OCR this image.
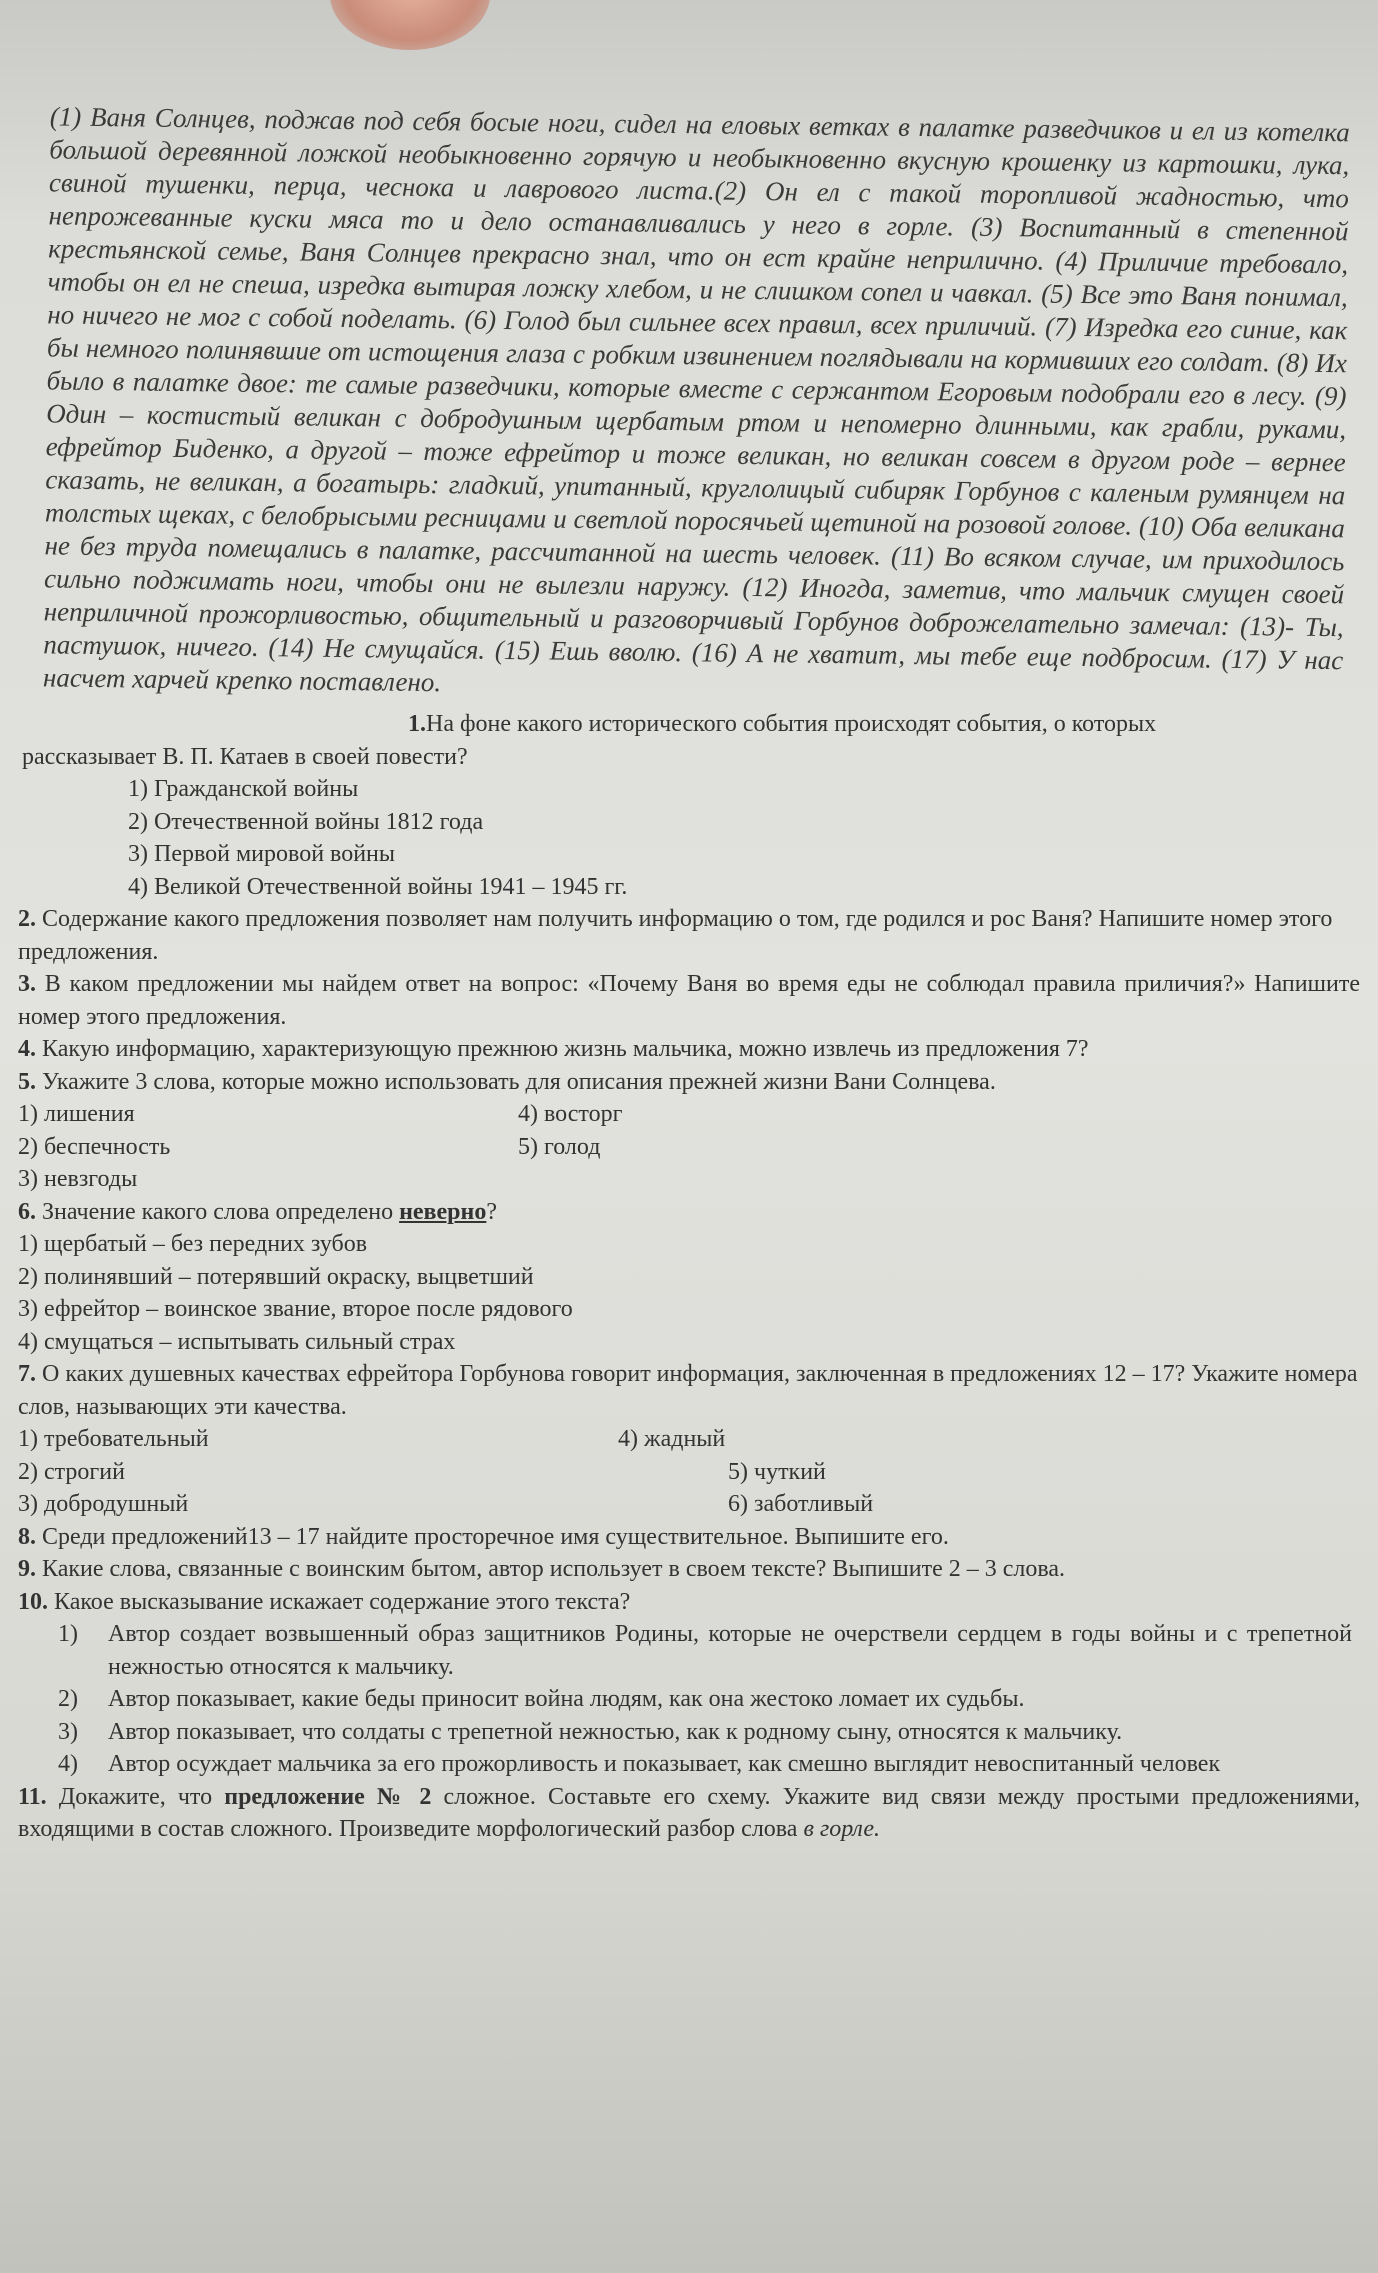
(1) Ваня Солнцев, поджав под себя босые ноги, сидел на еловых ветках в палатке разведчиков и ел из котелка большой деревянной ложкой необыкновенно горячую и необыкновенно вкусную крошенку из картошки, лука, свиной тушенки, перца, чеснока и лаврового листа.(2) Он ел с такой торопливой жадностью, что непрожеванные куски мяса то и дело останавливались у него в горле. (3) Воспитанный в степенной крестьянской семье, Ваня Солнцев прекрасно знал, что он ест крайне неприлично. (4) Приличие требовало, чтобы он ел не спеша, изредка вытирая ложку хлебом, и не слишком сопел и чавкал. (5) Все это Ваня понимал, но ничего не мог с собой поделать. (6) Голод был сильнее всех правил, всех приличий. (7) Изредка его синие, как бы немного полинявшие от истощения глаза с робким извинением поглядывали на кормивших его солдат. (8) Их было в палатке двое: те самые разведчики, которые вместе с сержантом Егоровым подобрали его в лесу. (9) Один – костистый великан с добродушным щербатым ртом и непомерно длинными, как грабли, руками, ефрейтор Биденко, а другой – тоже ефрейтор и тоже великан, но великан совсем в другом роде – вернее сказать, не великан, а богатырь: гладкий, упитанный, круглолицый сибиряк Горбунов с каленым румянцем на толстых щеках, с белобрысыми ресницами и светлой поросячьей щетиной на розовой голове. (10) Оба великана не без труда помещались в палатке, рассчитанной на шесть человек. (11) Во всяком случае, им приходилось сильно поджимать ноги, чтобы они не вылезли наружу. (12) Иногда, заметив, что мальчик смущен своей неприличной прожорливостью, общительный и разговорчивый Горбунов доброжелательно замечал: (13)- Ты, пастушок, ничего. (14) Не смущайся. (15) Ешь вволю. (16) А не хватит, мы тебе еще подбросим. (17) У нас насчет харчей крепко поставлено.

1.На фоне какого исторического события происходят события, о которых

рассказывает В. П. Катаев в своей повести?

1) Гражданской войны

2) Отечественной войны 1812 года

3) Первой мировой войны

4) Великой Отечественной войны 1941 – 1945 гг.

2. Содержание какого предложения позволяет нам получить информацию о том, где родился и рос Ваня? Напишите номер этого предложения.

3. В каком предложении мы найдем ответ на вопрос: «Почему Ваня во время еды не соблюдал правила приличия?» Напишите номер этого предложения.

4. Какую информацию, характеризующую прежнюю жизнь мальчика, можно извлечь из предложения 7?

5. Укажите 3 слова, которые можно использовать для описания прежней жизни Вани Солнцева.

1) лишения	4) восторг
2) беспечность	5) голод
3) невзгоды

6. Значение какого слова определено неверно?

1) щербатый – без передних зубов

2) полинявший – потерявший окраску, выцветший

3) ефрейтор – воинское звание, второе после рядового

4) смущаться – испытывать сильный страх

7. О каких душевных качествах ефрейтора Горбунова говорит информация, заключенная в предложениях 12 – 17? Укажите номера слов, называющих эти качества.

1) требовательный	4) жадный
2) строгий	5) чуткий
3) добродушный	6) заботливый

8. Среди предложений13 – 17 найдите просторечное имя существительное. Выпишите его.

9. Какие слова, связанные с воинским бытом, автор использует в своем тексте? Выпишите 2 – 3 слова.

10. Какое высказывание искажает содержание этого текста?

1)	Автор создает возвышенный образ защитников Родины, которые не очерствели сердцем в годы войны и с трепетной нежностью относятся к мальчику.
2)	Автор показывает, какие беды приносит война людям, как она жестоко ломает их судьбы.
3)	Автор показывает, что солдаты с трепетной нежностью, как к родному сыну, относятся к мальчику.
4)	Автор осуждает мальчика за его прожорливость и показывает, как смешно выглядит невоспитанный человек

11. Докажите, что предложение № 2 сложное. Составьте его схему. Укажите вид связи между простыми предложениями, входящими в состав сложного. Произведите морфологический разбор слова в горле.
